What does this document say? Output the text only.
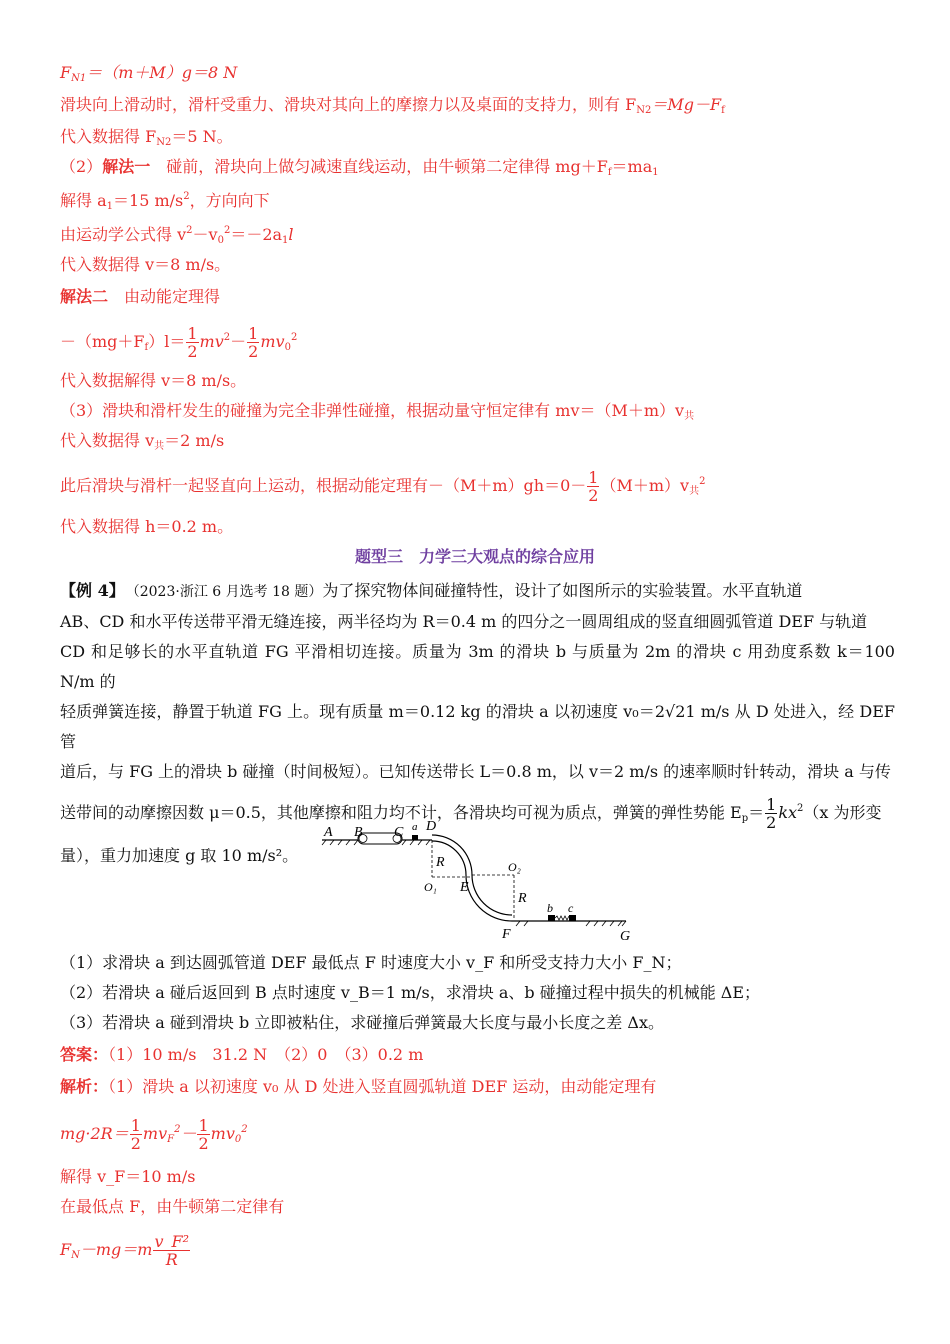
$F_{N1}=(m+M)g=8$ N
滑块向上滑动时，滑杆受重力、滑块对其向上的摩擦力以及桌面的支持力，则有 $F_{N2}=Mg-F_f$
代入数据得 $F_{N2}=5$ N。
（2）解法一　碰前，滑块向上做匀减速直线运动，由牛顿第二定律得 $mg+F_f=ma_1$
解得 $a_1=15$ $m/s^2$，方向向下
由运动学公式得 $v^2-v_0^2=-2a_1l$
代入数据得 v＝8 m/s。
解法二　由动能定理得
$-(mg+F_f)l= \frac{1}{2} mv^2- \frac{1}{2} mv_0^2$
代入数据解得 v＝8 m/s。
（3）滑块和滑杆发生的碰撞为完全非弹性碰撞，根据动量守恒定律有 $mv=(M+m)v_共$
代入数据得 $v_共=2$ m/s
此后滑块与滑杆一起竖直向上运动，根据动能定理有$-(M+m)gh=0- \frac{1}{2} (M+m)v_共^2$
代入数据得 h＝0.2 m。
题型三　力学三大观点的综合应用
【例 4】　 （2023·浙江 6 月选考 18 题）为了探究物体间碰撞特性，设计了如图所示的实验装置。水平直轨道
AB、CD 和水平传送带平滑无缝连接，两半径均为 R＝0.4 m 的四分之一圆周组成的竖直细圆弧管道 DEF 与轨道
CD 和足够长的水平直轨道 FG 平滑相切连接。质量为 3m 的滑块 b 与质量为 2m 的滑块 c 用劲度系数 k＝100 N/m 的
轻质弹簧连接，静置于轨道 FG 上。现有质量 m＝0.12 kg 的滑块 a 以初速度 v₀＝2√21 m/s 从 D 处进入，经 DEF 管
道后，与 FG 上的滑块 b 碰撞（时间极短）。已知传送带长 L＝0.8 m，以 v＝2 m/s 的速率顺时针转动，滑块 a 与传
送带间的动摩擦因数 μ＝0.5，其他摩擦和阻力均不计，各滑块均可视为质点，弹簧的弹性势能 $E_p= \frac{1}{2} kx^2(x$ 为形变
量），重力加速度 g 取 10 m/s²。
A B C D
a
R	O₂
O₁ E
R
b c
F	G
（1）求滑块 a 到达圆弧管道 DEF 最低点 F 时速度大小 v_F 和所受支持力大小 F_N；
（2）若滑块 a 碰后返回到 B 点时速度 v_B＝1 m/s，求滑块 a、b 碰撞过程中损失的机械能 ΔE；
（3）若滑块 a 碰到滑块 b 立即被粘住，求碰撞后弹簧最大长度与最小长度之差 Δx。
答案：（1）10 m/s　31.2 N　（2）0　（3）0.2 m
解析：（1）滑块 a 以初速度 v₀ 从 D 处进入竖直圆弧轨道 DEF 运动，由动能定理有
$mg\cdot 2R= \frac{1}{2} mv_F^2- \frac{1}{2} mv_0^2$
解得 v_F＝10 m/s
在最低点 F，由牛顿第二定律有
$F_N-mg=m \frac{\text{v\_F²}}{R}$
